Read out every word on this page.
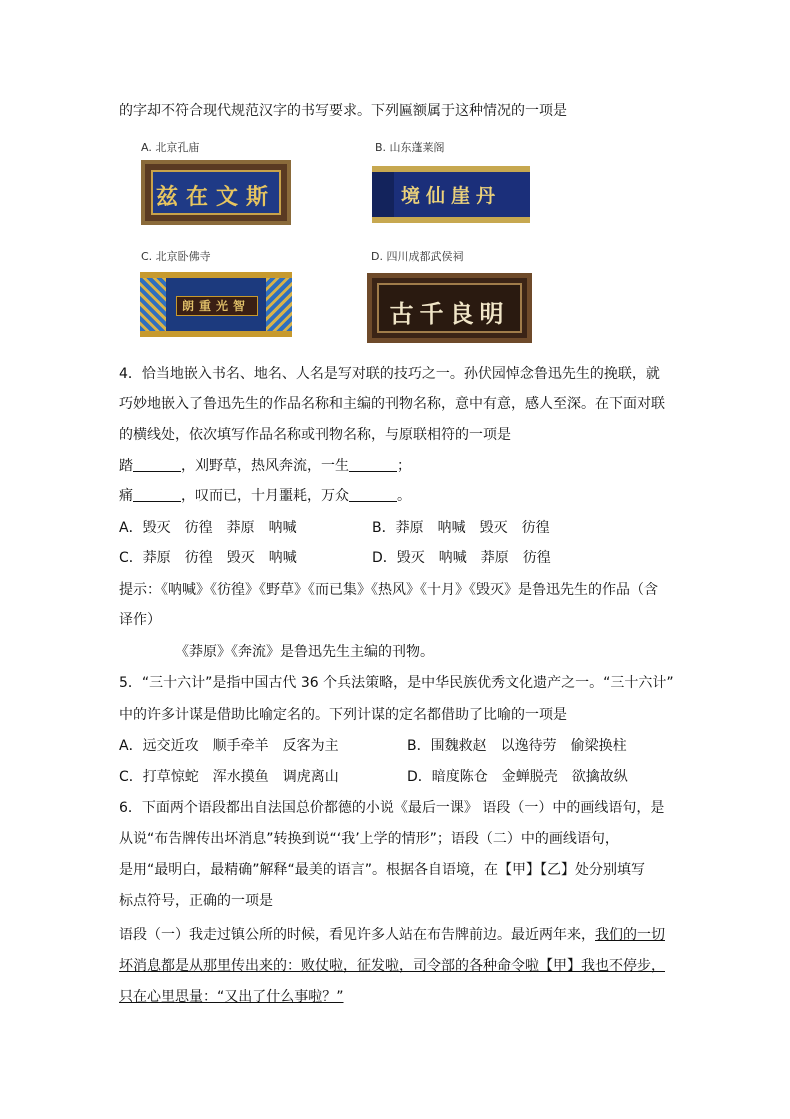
的字却不符合现代规范汉字的书写要求。下列匾额属于这种情况的一项是
A. 北京孔庙
斯文在兹
B. 山东蓬莱阁
丹崖仙境
C. 北京卧佛寺
智光重朗
D. 四川成都武侯祠
明良千古
4．恰当地嵌入书名、地名、人名是写对联的技巧之一。孙伏园悼念鲁迅先生的挽联，就
巧妙地嵌入了鲁迅先生的作品名称和主编的刊物名称，意中有意，感人至深。在下面对联
的横线处，依次填写作品名称或刊物名称，与原联相符的一项是
踏	，刈野草，热风奔流，一生	；
痛	，叹而已，十月噩耗，万众	。
A．毁灭　彷徨　莽原　呐喊	B．莽原　呐喊　毁灭　彷徨
C．莽原　彷徨　毁灭　呐喊	D．毁灭　呐喊　莽原　彷徨
提示：《呐喊》《彷徨》《野草》《而已集》《热风》《十月》《毁灭》是鲁迅先生的作品（含
译作）
《莽原》《奔流》是鲁迅先生主编的刊物。
5．“三十六计”是指中国古代 36 个兵法策略，是中华民族优秀文化遗产之一。“三十六计”
中的许多计谋是借助比喻定名的。下列计谋的定名都借助了比喻的一项是
A．远交近攻　顺手牵羊　反客为主	B．围魏救赵　以逸待劳　偷梁换柱
C．打草惊蛇　浑水摸鱼　调虎离山	D．暗度陈仓　金蝉脱壳　欲擒故纵
6．下面两个语段都出自法国总价都德的小说《最后一课》 语段（一）中的画线语句，是
从说“布告牌传出坏消息”转换到说“‘我’上学的情形”；语段（二）中的画线语句，
是用“最明白，最精确”解释“最美的语言”。根据各自语境，在【甲】【乙】处分别填写
标点符号，正确的一项是
语段（一）我走过镇公所的时候，看见许多人站在布告牌前边。最近两年来，我们的一切
坏消息都是从那里传出来的：败仗啦，征发啦，司令部的各种命令啦【甲】我也不停步，
只在心里思量：“又出了什么事啦？”
